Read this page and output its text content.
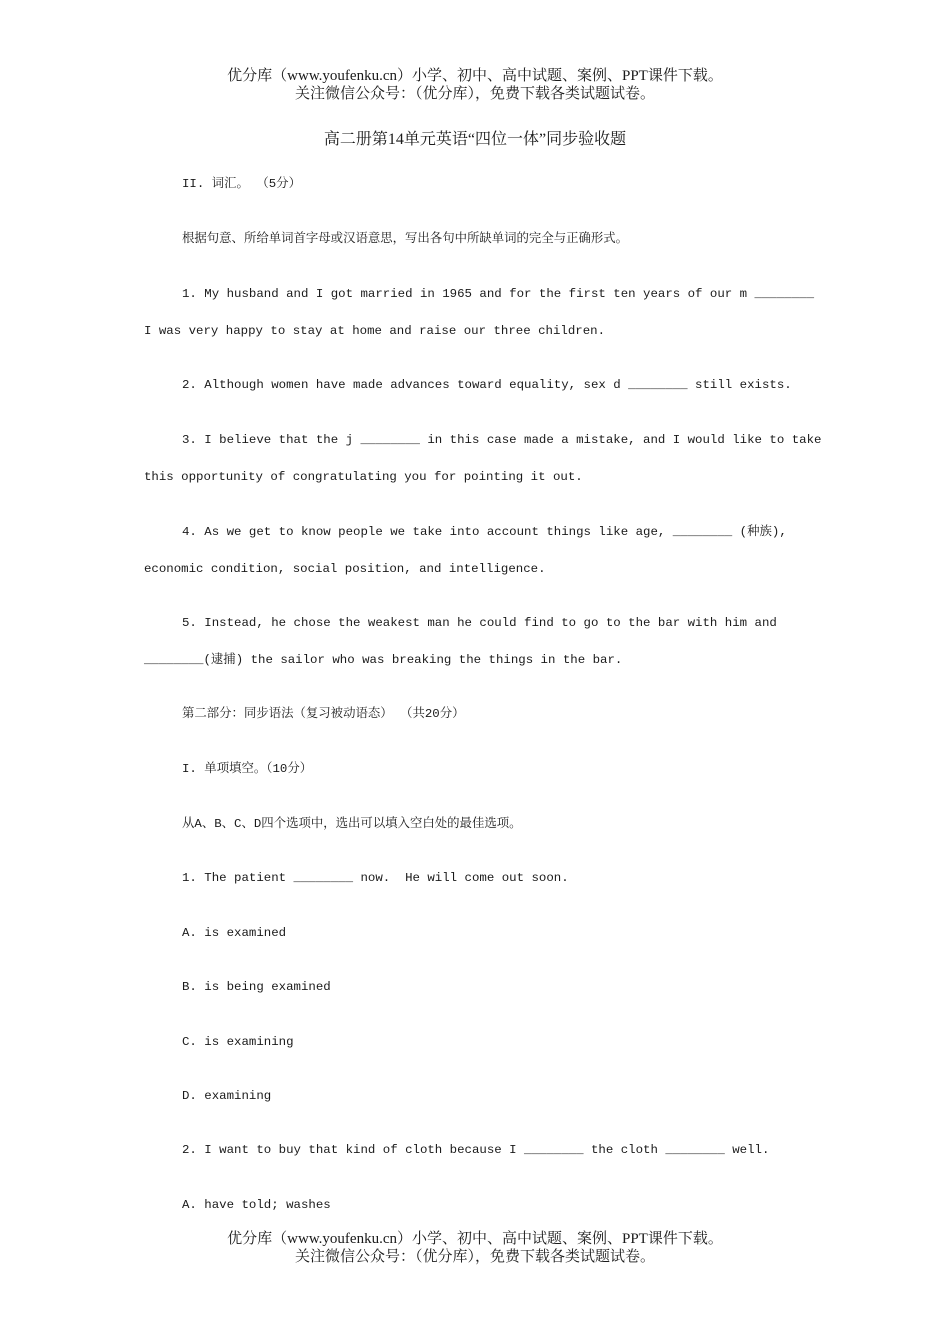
优分库（www.youfenku.cn）小学、初中、高中试题、案例、PPT课件下载。
关注微信公众号：（优分库），免费下载各类试题试卷。
高二册第14单元英语“四位一体”同步验收题
II. 词汇。 （5分）
根据句意、所给单词首字母或汉语意思，写出各句中所缺单词的完全与正确形式。
1. My husband and I got married in 1965 and for the first ten years of our m ________
I was very happy to stay at home and raise our three children.
2. Although women have made advances toward equality, sex d ________ still exists.
3. I believe that the j ________ in this case made a mistake, and I would like to take
this opportunity of congratulating you for pointing it out.
4. As we get to know people we take into account things like age, ________ (种族),
economic condition, social position, and intelligence.
5. Instead, he chose the weakest man he could find to go to the bar with him and
________(逮捕) the sailor who was breaking the things in the bar.
第二部分：同步语法（复习被动语态） （共20分）
I. 单项填空。（10分）
从A、B、C、D四个选项中，选出可以填入空白处的最佳选项。
1. The patient ________ now.  He will come out soon.
A. is examined
B. is being examined
C. is examining
D. examining
2. I want to buy that kind of cloth because I ________ the cloth ________ well.
A. have told; washes
优分库（www.youfenku.cn）小学、初中、高中试题、案例、PPT课件下载。
关注微信公众号：（优分库），免费下载各类试题试卷。
